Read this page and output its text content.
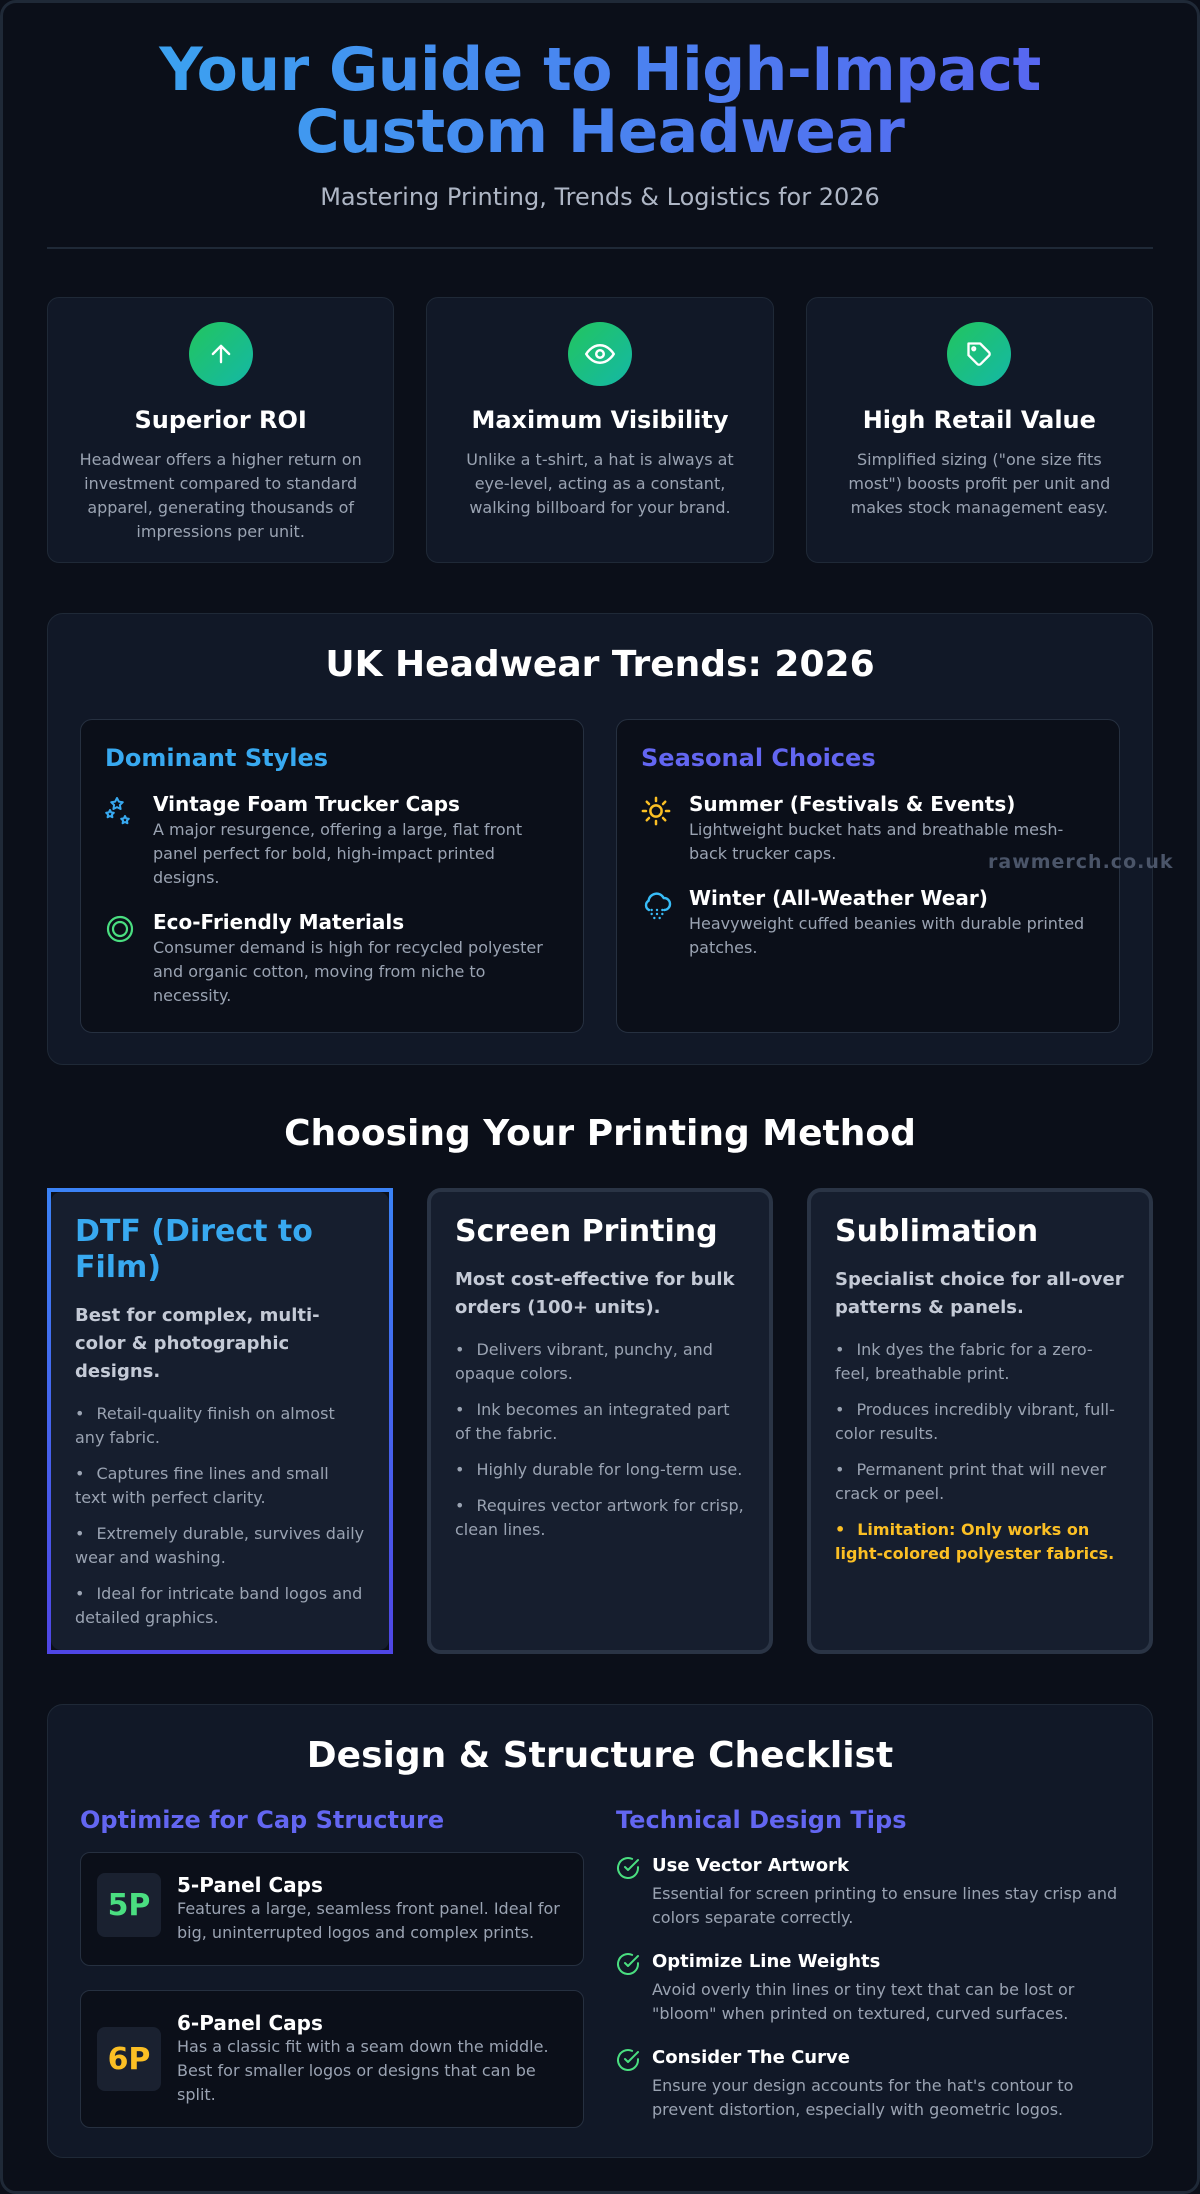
Your Guide to High-Impact
Custom Headwear

Mastering Printing, Trends & Logistics for 2026

Superior ROI

Headwear offers a higher return on investment compared to standard apparel, generating thousands of impressions per unit.

Maximum Visibility

Unlike a t-shirt, a hat is always at eye-level, acting as a constant, walking billboard for your brand.

High Retail Value

Simplified sizing ("one size fits most") boosts profit per unit and makes stock management easy.

UK Headwear Trends: 2026
Dominant Styles
Vintage Foam Trucker Caps

A major resurgence, offering a large, flat front panel perfect for bold, high-impact printed designs.

Eco-Friendly Materials

Consumer demand is high for recycled polyester and organic cotton, moving from niche to necessity.

Seasonal Choices
Summer (Festivals & Events)

Lightweight bucket hats and breathable mesh-back trucker caps.

Winter (All-Weather Wear)

Heavyweight cuffed beanies with durable printed patches.

rawmerch.co.uk
Choosing Your Printing Method
DTF (Direct to Film)

Best for complex, multi-color & photographic designs.

• Retail-quality finish on almost any fabric.
• Captures fine lines and small text with perfect clarity.
• Extremely durable, survives daily wear and washing.
• Ideal for intricate band logos and detailed graphics.
Screen Printing

Most cost-effective for bulk orders (100+ units).

• Delivers vibrant, punchy, and opaque colors.
• Ink becomes an integrated part of the fabric.
• Highly durable for long-term use.
• Requires vector artwork for crisp, clean lines.
Sublimation

Specialist choice for all-over patterns & panels.

• Ink dyes the fabric for a zero-feel, breathable print.
• Produces incredibly vibrant, full-color results.
• Permanent print that will never crack or peel.
• Limitation: Only works on light-colored polyester fabrics.
Design & Structure Checklist
Optimize for Cap Structure
5P
5-Panel Caps

Features a large, seamless front panel. Ideal for big, uninterrupted logos and complex prints.

6P
6-Panel Caps

Has a classic fit with a seam down the middle. Best for smaller logos or designs that can be split.

Technical Design Tips
Use Vector Artwork

Essential for screen printing to ensure lines stay crisp and colors separate correctly.

Optimize Line Weights

Avoid overly thin lines or tiny text that can be lost or "bloom" when printed on textured, curved surfaces.

Consider The Curve

Ensure your design accounts for the hat's contour to prevent distortion, especially with geometric logos.
